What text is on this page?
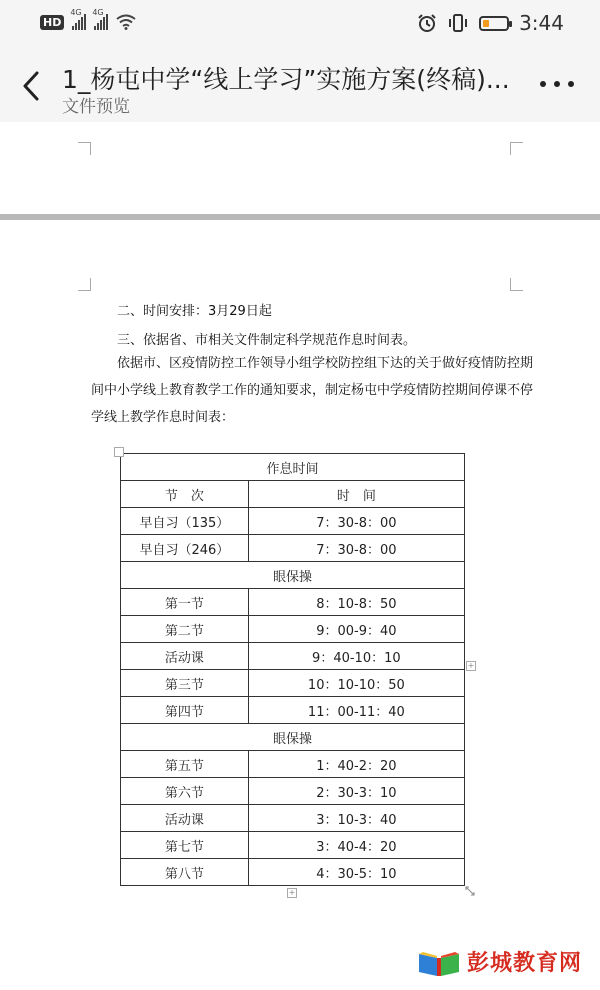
HD
4G 4G	3:44
1_杨屯中学“线上学习”实施方案(终稿)...
文件预览
二、时间安排：3月29日起
三、依据省、市相关文件制定科学规范作息时间表。
依据市、区疫情防控工作领导小组学校防控组下达的关于做好疫情防控期
间中小学线上教育教学工作的通知要求，制定杨屯中学疫情防控期间停课不停
学线上教学作息时间表：
作息时间	
节　次	时　间
早自习（135）	7：30-8：00
早自习（246）	7：30-8：00
眼保操	
第一节	8：10-8：50
第二节	9：00-9：40
活动课	9：40-10：10
第三节	10：10-10：50
第四节	11：00-11：40
眼保操	
第五节	1：40-2：20
第六节	2：30-3：10
活动课	3：10-3：40
第七节	3：40-4：20
第八节	4：30-5：10
+
+
彭城教育网
